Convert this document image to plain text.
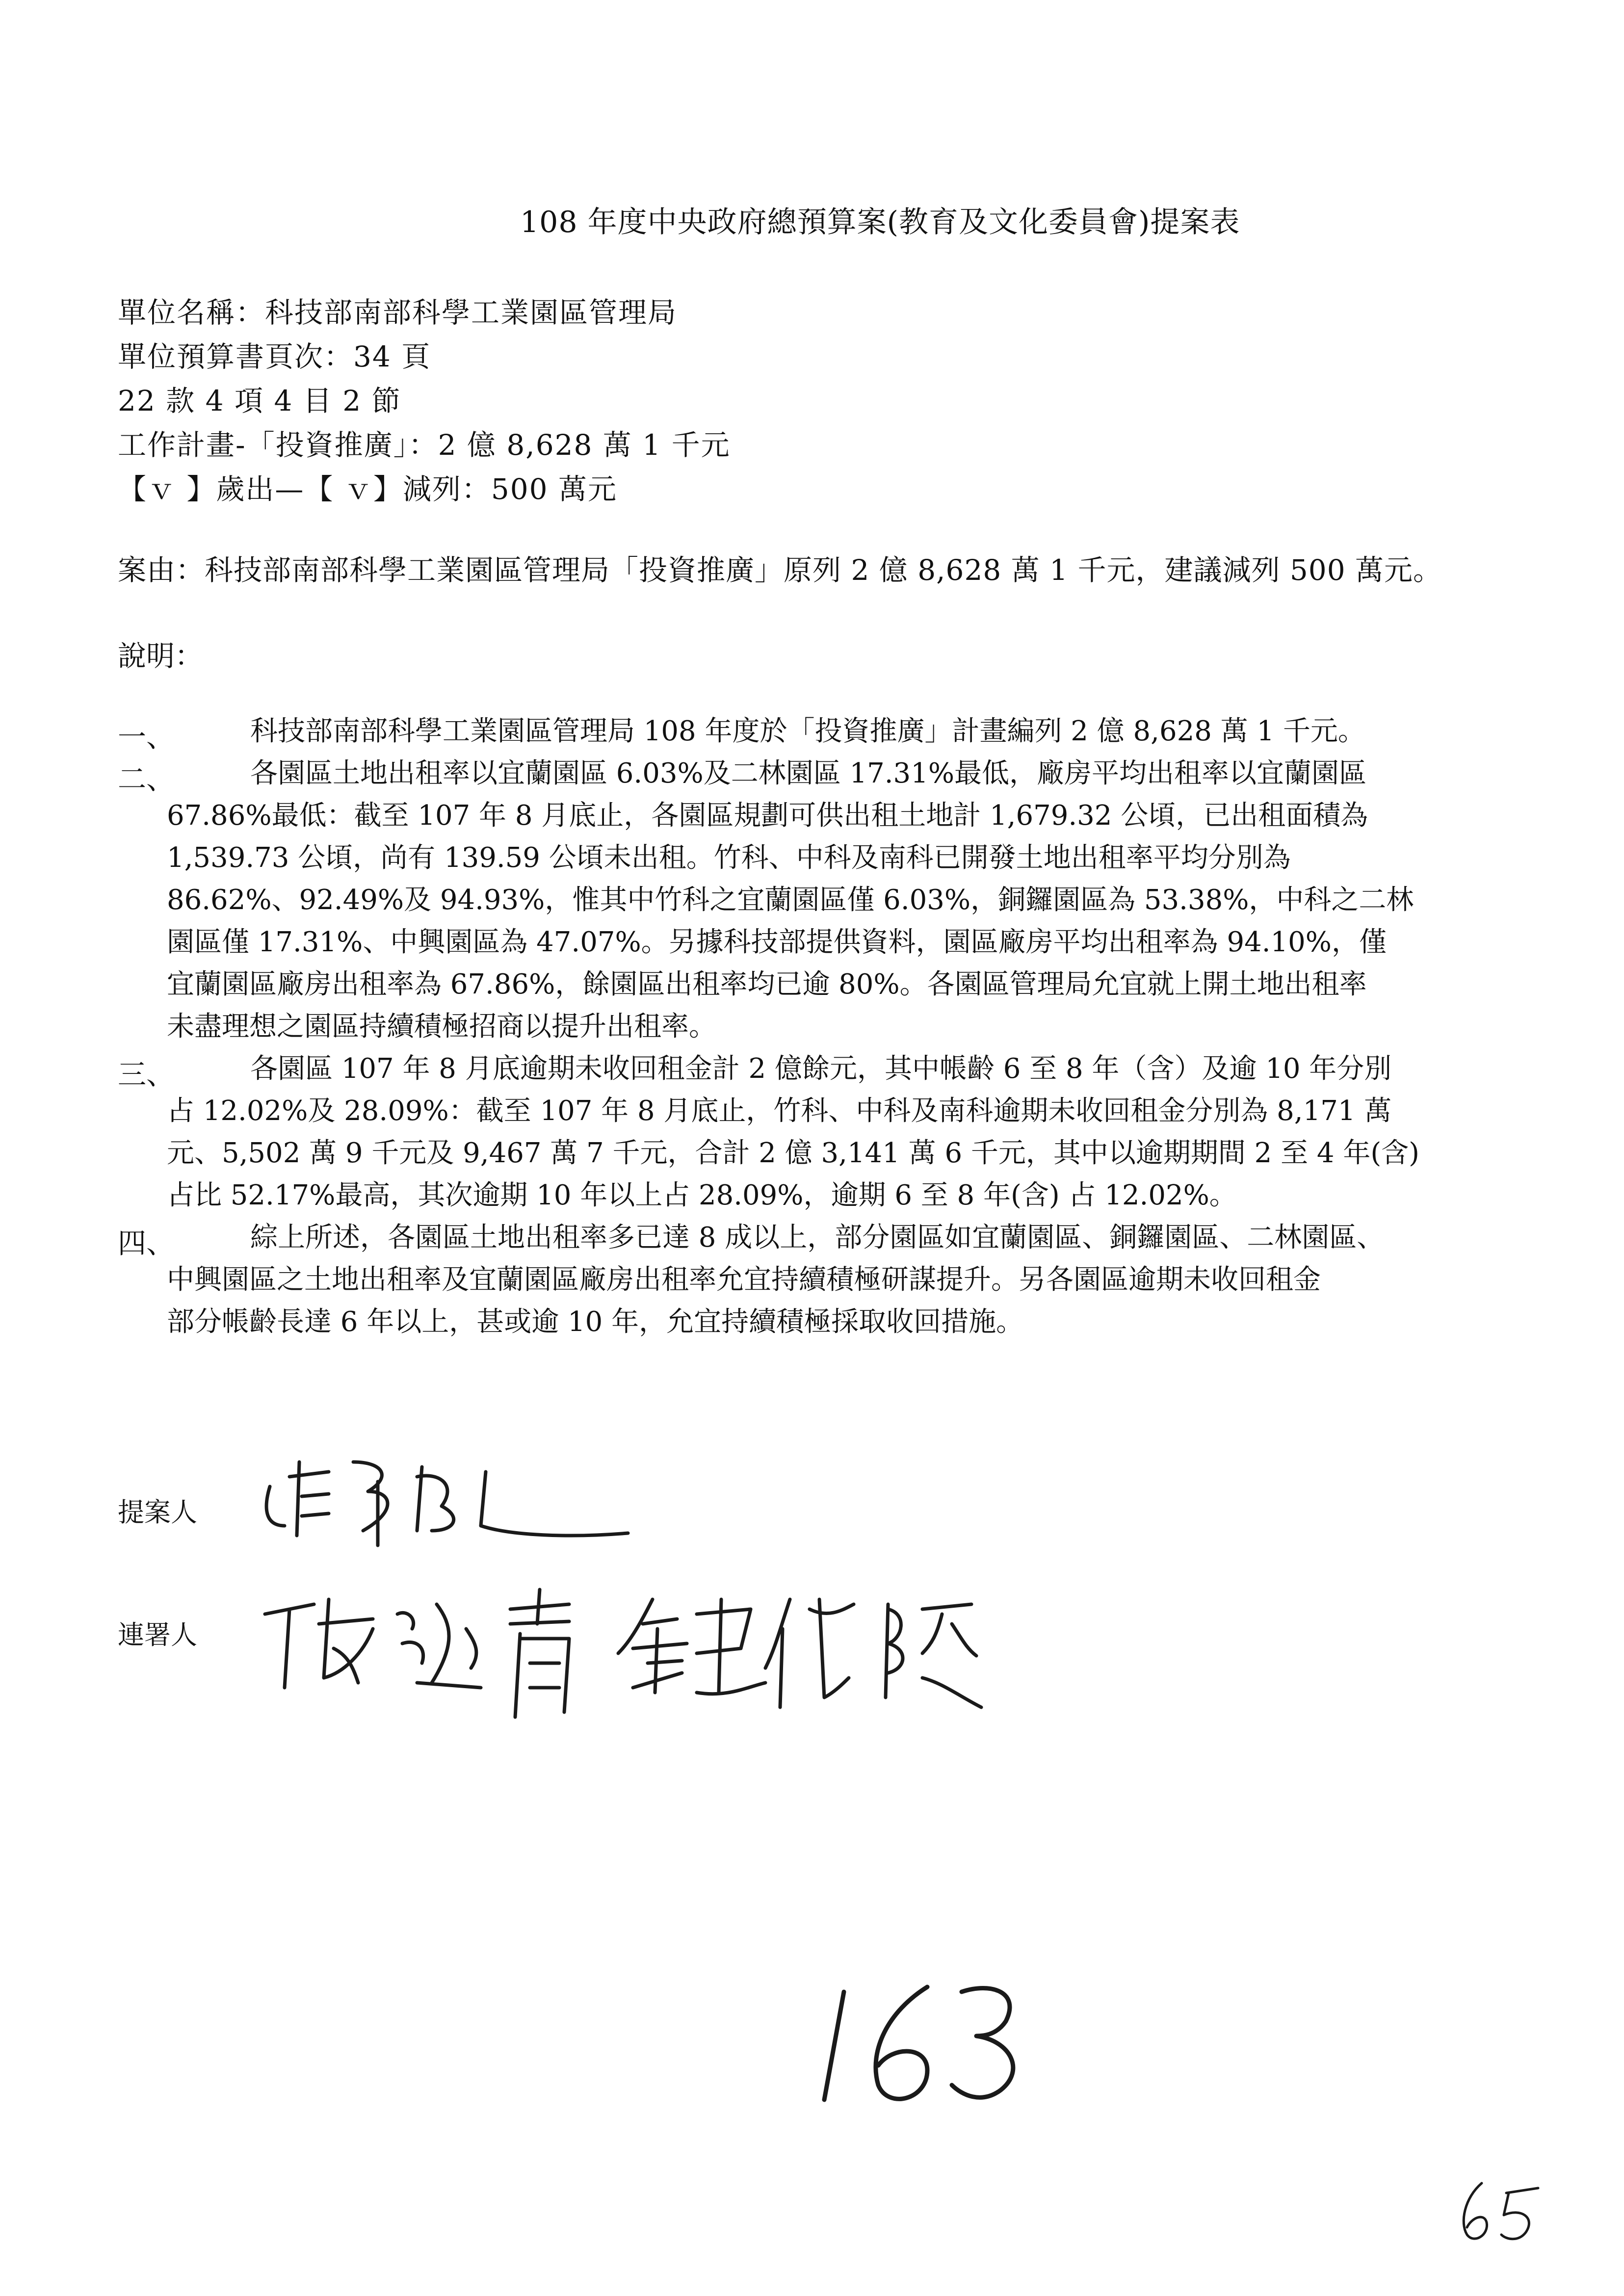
108 年度中央政府總預算案(教育及文化委員會)提案表
單位名稱：科技部南部科學工業園區管理局
單位預算書頁次：34 頁
22 款 4 項 4 目 2 節
工作計畫-「投資推廣」：2 億 8,628 萬 1 千元
【ｖ 】歲出—【 ｖ】減列：500 萬元
案由：科技部南部科學工業園區管理局「投資推廣」原列 2 億 8,628 萬 1 千元，建議減列 500 萬元。
說明：
一、	科技部南部科學工業園區管理局 108 年度於「投資推廣」計畫編列 2 億 8,628 萬 1 千元。
二、	各園區土地出租率以宜蘭園區 6.03%及二林園區 17.31%最低，廠房平均出租率以宜蘭園區
67.86%最低：截至 107 年 8 月底止，各園區規劃可供出租土地計 1,679.32 公頃，已出租面積為
1,539.73 公頃，尚有 139.59 公頃未出租。竹科、中科及南科已開發土地出租率平均分別為
86.62%、92.49%及 94.93%，惟其中竹科之宜蘭園區僅 6.03%，銅鑼園區為 53.38%，中科之二林
園區僅 17.31%、中興園區為 47.07%。另據科技部提供資料，園區廠房平均出租率為 94.10%，僅
宜蘭園區廠房出租率為 67.86%，餘園區出租率均已逾 80%。各園區管理局允宜就上開土地出租率
未盡理想之園區持續積極招商以提升出租率。
三、	各園區 107 年 8 月底逾期未收回租金計 2 億餘元，其中帳齡 6 至 8 年（含）及逾 10 年分別
占 12.02%及 28.09%：截至 107 年 8 月底止，竹科、中科及南科逾期未收回租金分別為 8,171 萬
元、5,502 萬 9 千元及 9,467 萬 7 千元，合計 2 億 3,141 萬 6 千元，其中以逾期期間 2 至 4 年(含)
占比 52.17%最高，其次逾期 10 年以上占 28.09%，逾期 6 至 8 年(含) 占 12.02%。
四、	綜上所述，各園區土地出租率多已達 8 成以上，部分園區如宜蘭園區、銅鑼園區、二林園區、
中興園區之土地出租率及宜蘭園區廠房出租率允宜持續積極研謀提升。另各園區逾期未收回租金
部分帳齡長達 6 年以上，甚或逾 10 年，允宜持續積極採取收回措施。
提案人
連署人
